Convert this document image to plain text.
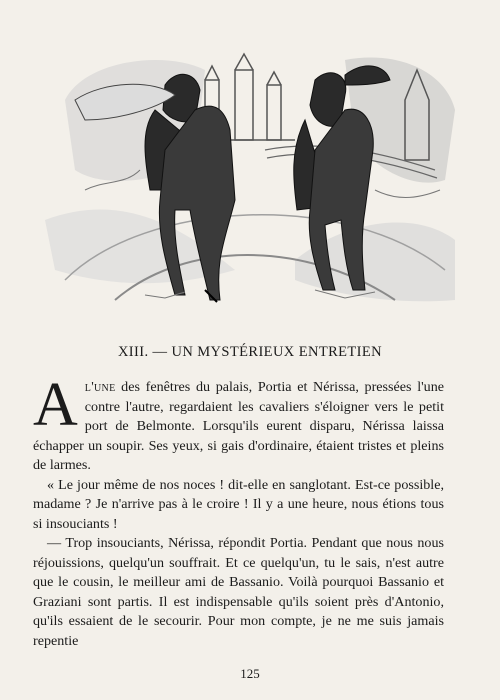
XIII. — UN MYSTÉRIEUX ENTRETIEN

Al'une des fenêtres du palais, Portia et Nérissa, pressées l'une contre l'autre, regardaient les cavaliers s'éloigner vers le petit port de Belmonte. Lorsqu'ils eurent disparu, Nérissa laissa échapper un soupir. Ses yeux, si gais d'ordinaire, étaient tristes et pleins de larmes.

« Le jour même de nos noces ! dit-elle en sanglotant. Est-ce possible, madame ? Je n'arrive pas à le croire ! Il y a une heure, nous étions tous si insouciants !

— Trop insouciants, Nérissa, répondit Portia. Pendant que nous nous réjouissions, quelqu'un souffrait. Et ce quelqu'un, tu le sais, n'est autre que le cousin, le meilleur ami de Bassanio. Voilà pourquoi Bassanio et Graziani sont partis. Il est indispensable qu'ils soient près d'Antonio, qu'ils essaient de le secourir. Pour mon compte, je ne me suis jamais repentie

125
